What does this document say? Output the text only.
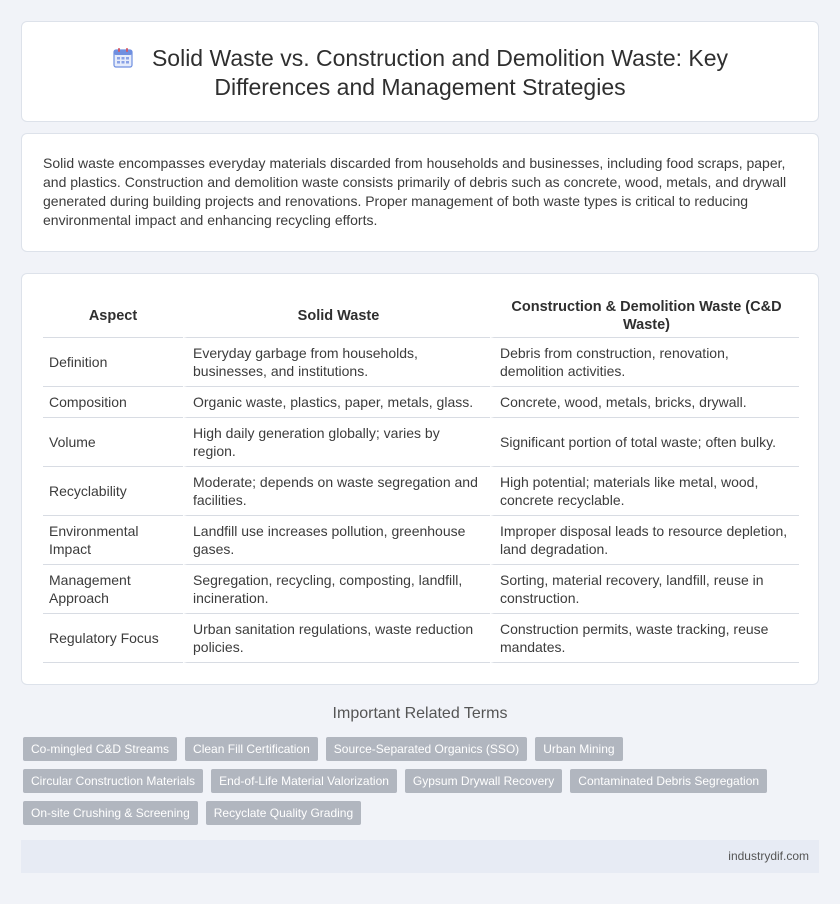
Solid Waste vs. Construction and Demolition Waste: Key Differences and Management Strategies

Solid waste encompasses everyday materials discarded from households and businesses, including food scraps, paper, and plastics. Construction and demolition waste consists primarily of debris such as concrete, wood, metals, and drywall generated during building projects and renovations. Proper management of both waste types is critical to reducing environmental impact and enhancing recycling efforts.

Aspect	Solid Waste	Construction & Demolition Waste (C&D Waste)
Definition	Everyday garbage from households, businesses, and institutions.	Debris from construction, renovation, demolition activities.
Composition	Organic waste, plastics, paper, metals, glass.	Concrete, wood, metals, bricks, drywall.
Volume	High daily generation globally; varies by region.	Significant portion of total waste; often bulky.
Recyclability	Moderate; depends on waste segregation and facilities.	High potential; materials like metal, wood, concrete recyclable.
Environmental Impact	Landfill use increases pollution, greenhouse gases.	Improper disposal leads to resource depletion, land degradation.
Management Approach	Segregation, recycling, composting, landfill, incineration.	Sorting, material recovery, landfill, reuse in construction.
Regulatory Focus	Urban sanitation regulations, waste reduction policies.	Construction permits, waste tracking, reuse mandates.
Important Related Terms
Co-mingled C&D Streams	Clean Fill Certification	Source-Separated Organics (SSO)	Urban Mining
Circular Construction Materials	End-of-Life Material Valorization	Gypsum Drywall Recovery	Contaminated Debris Segregation
On-site Crushing & Screening	Recyclate Quality Grading
industrydif.com
